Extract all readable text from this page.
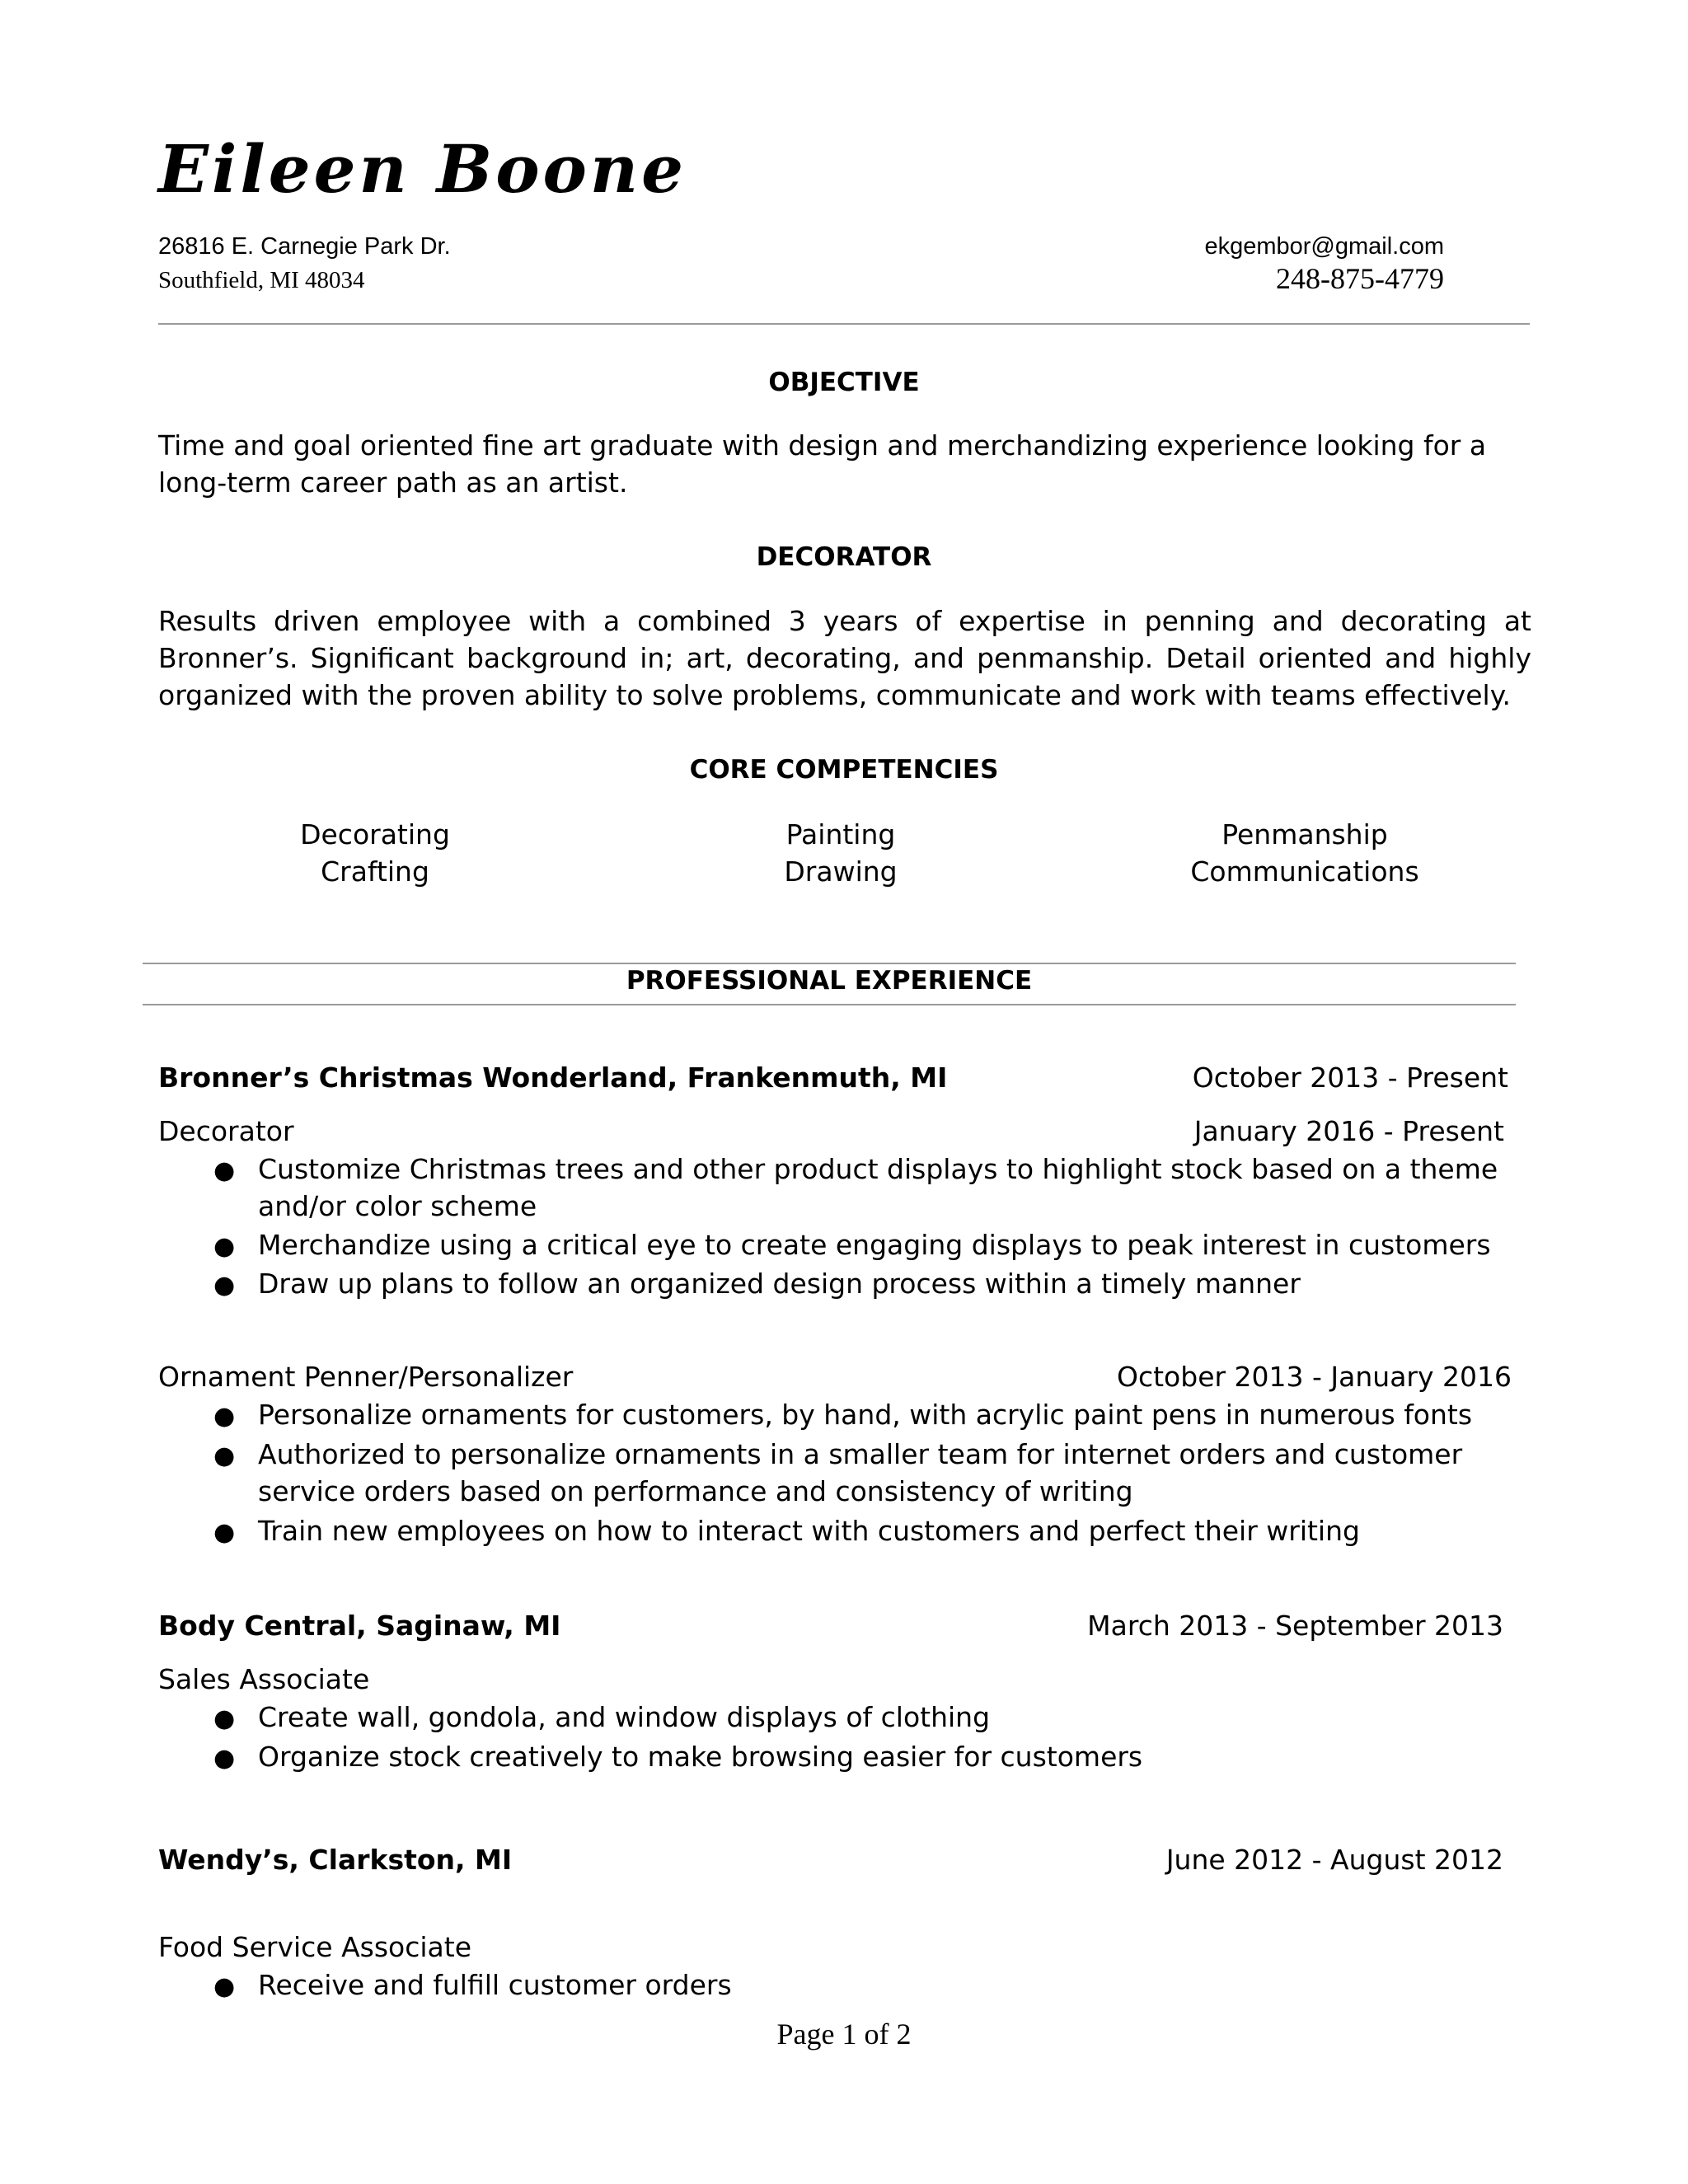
Eileen Boone
26816 E. Carnegie Park Dr.
Southfield, MI 48034
ekgembor@gmail.com
248-875-4779
OBJECTIVE
Time and goal oriented fine art graduate with design and merchandizing experience looking for a long-term career path as an artist.
DECORATOR
Results driven employee with a combined 3 years of expertise in penning and decorating at Bronner’s. Significant background in; art, decorating, and penmanship. Detail oriented and highly organized with the proven ability to solve problems, communicate and work with teams effectively.
CORE COMPETENCIES
Decorating	Painting	Penmanship
Crafting	Drawing	Communications
PROFESSIONAL EXPERIENCE
Bronner’s Christmas Wonderland, Frankenmuth, MI	October 2013 - Present
Decorator	January 2016 - Present
● Customize Christmas trees and other product displays to highlight stock based on a theme and/or color scheme
● Merchandize using a critical eye to create engaging displays to peak interest in customers
● Draw up plans to follow an organized design process within a timely manner
Ornament Penner/Personalizer	October 2013 - January 2016
● Personalize ornaments for customers, by hand, with acrylic paint pens in numerous fonts
● Authorized to personalize ornaments in a smaller team for internet orders and customer service orders based on performance and consistency of writing
● Train new employees on how to interact with customers and perfect their writing
Body Central, Saginaw, MI	March 2013 - September 2013
Sales Associate
● Create wall, gondola, and window displays of clothing
● Organize stock creatively to make browsing easier for customers
Wendy’s, Clarkston, MI	June 2012 - August 2012
Food Service Associate
● Receive and fulfill customer orders
Page 1 of 2
